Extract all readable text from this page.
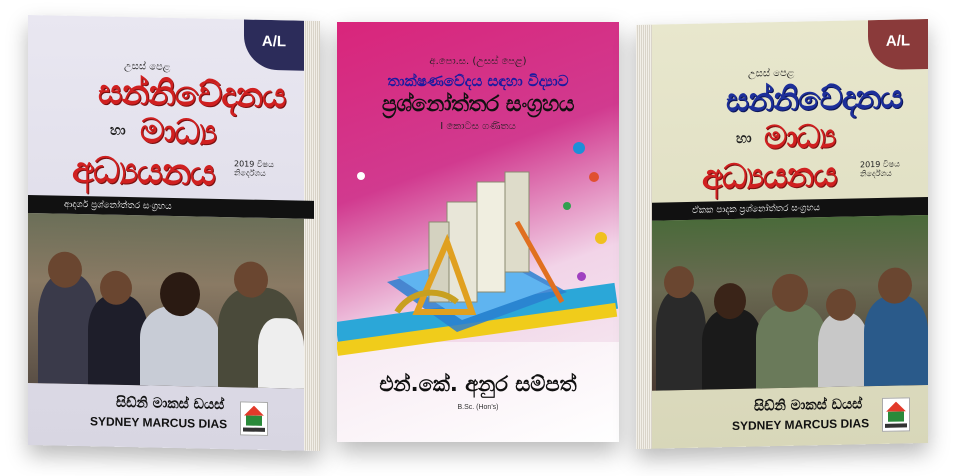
A/L
උසස් පෙළ
සන්නිවේදනය
හා මාධ්‍ය
අධ්‍යයනය 2019 විෂය නිර්දේශය
ආදර්ශ ප්‍රශ්නෝත්තර සංග්‍රහය
සිඩ්නි මාකස් ඩයස්
SYDNEY MARCUS DIAS
අ.පො.ස. (උසස් පෙළ)
තාක්ෂණවේදය සඳහා විද්‍යාව
ප්‍රශ්නෝත්තර සංග්‍රහය
I කොටස ගණිතය
එන්.කේ. අනුර සම්පත්
B.Sc. (Hon's)
A/L
උසස් පෙළ
සන්නිවේදනය
හා මාධ්‍ය
අධ්‍යයනය	2019 විෂය නිර්දේශය
ඒකක පාදක ප්‍රශ්නෝත්තර සංග්‍රහය
සිඩ්නි මාකස් ඩයස්
SYDNEY MARCUS DIAS
